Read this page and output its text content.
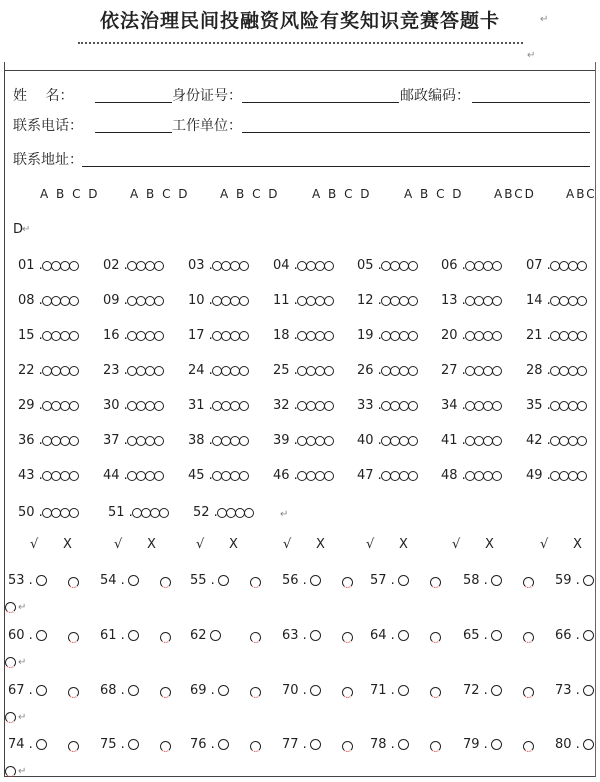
依法治理民间投融资风险有奖知识竞赛答题卡
↵
↵
姓　 名：	身份证号：	邮政编码：
联系电话：	工作单位：
联系地址：
D
↵
A B C D	A B C D	A B C D	A B C D	A B C D	ABCD	ABC
01 .	02 .	03 .	04 .	05 .	06 .	07 .
08 .	09 .	10 .	11 .	12 .	13 .	14 .
15 .	16 .	17 .	18 .	19 .	20 .	21 .
22 .	23 .	24 .	25 .	26 .	27 .	28 .
29 .	30 .	31 .	32 .	33 .	34 .	35 .
36 .	37 .	38 .	39 .	40 .	41 .	42 .
43 .	44 .	45 .	46 .	47 .	48 .	49 .
50 .	51 .	52 .	↵
√ X	√ X	√ X	√ X	√ X	√ X	√ X
53 .	54 .	55 .	56 .	57 .	58 .	59 .
↵
60 .	61 .	62	63 .	64 .	65 .	66 .
↵
67 .	68 .	69 .	70 .	71 .	72 .	73 .
↵
74 .	75 .	76 .	77 .	78 .	79 .	80 .
↵
